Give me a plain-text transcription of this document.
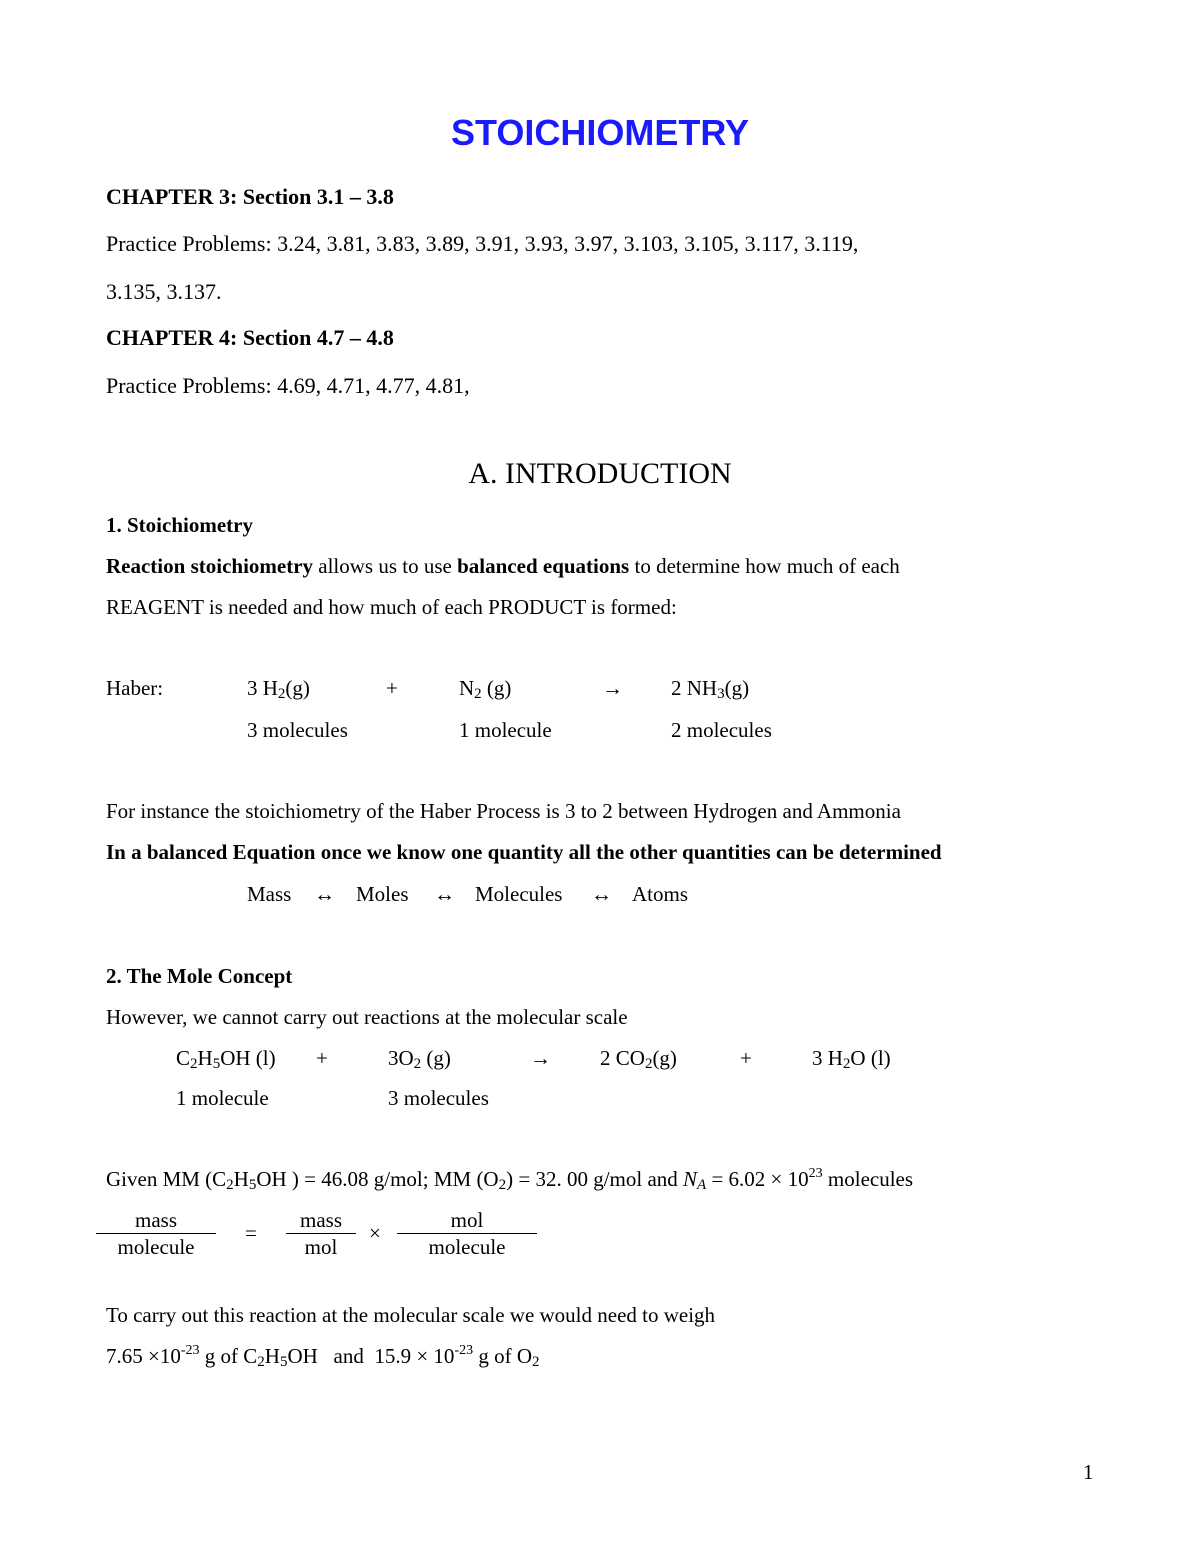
STOICHIOMETRY
CHAPTER 3: Section 3.1 – 3.8
Practice Problems: 3.24, 3.81, 3.83, 3.89, 3.91, 3.93, 3.97, 3.103, 3.105, 3.117, 3.119,
3.135, 3.137.
CHAPTER 4: Section 4.7 – 4.8
Practice Problems: 4.69, 4.71, 4.77, 4.81,
A. INTRODUCTION
1. Stoichiometry
Reaction stoichiometry allows us to use balanced equations to determine how much of each
REAGENT is needed and how much of each PRODUCT is formed:
Haber:	3 $H_2(g)$	+	$N_2$ (g)	→ 2 $NH_3(g)$
3 molecules	1 molecule	2 molecules
For instance the stoichiometry of the Haber Process is 3 to 2 between Hydrogen and Ammonia
In a balanced Equation once we know one quantity all the other quantities can be determined
Mass ↔ Moles ↔ Molecules ↔ Atoms
2. The Mole Concept
However, we cannot carry out reactions at the molecular scale
$C_2H_5OH$ (l) +	$3O_2$ (g)	→ 2 $CO_2(g)$	+	3 $H_2O$ (l)
1 molecule	3 molecules
Given MM ($C_2H_5OH$ ) = 46.08 g/mol; MM $(O_2) = 32$. 00 g/mol and $N_A = 6.02 \times 10^{23}$ molecules
mass
molecule
=
mass
mol
×
mol
molecule
To carry out this reaction at the molecular scale we would need to weigh
$7.65 \times 10^{-23}$ g of $C_2H_5OH$   and  $15.9 \times 10^{-23}$ g of $O_2$
1
